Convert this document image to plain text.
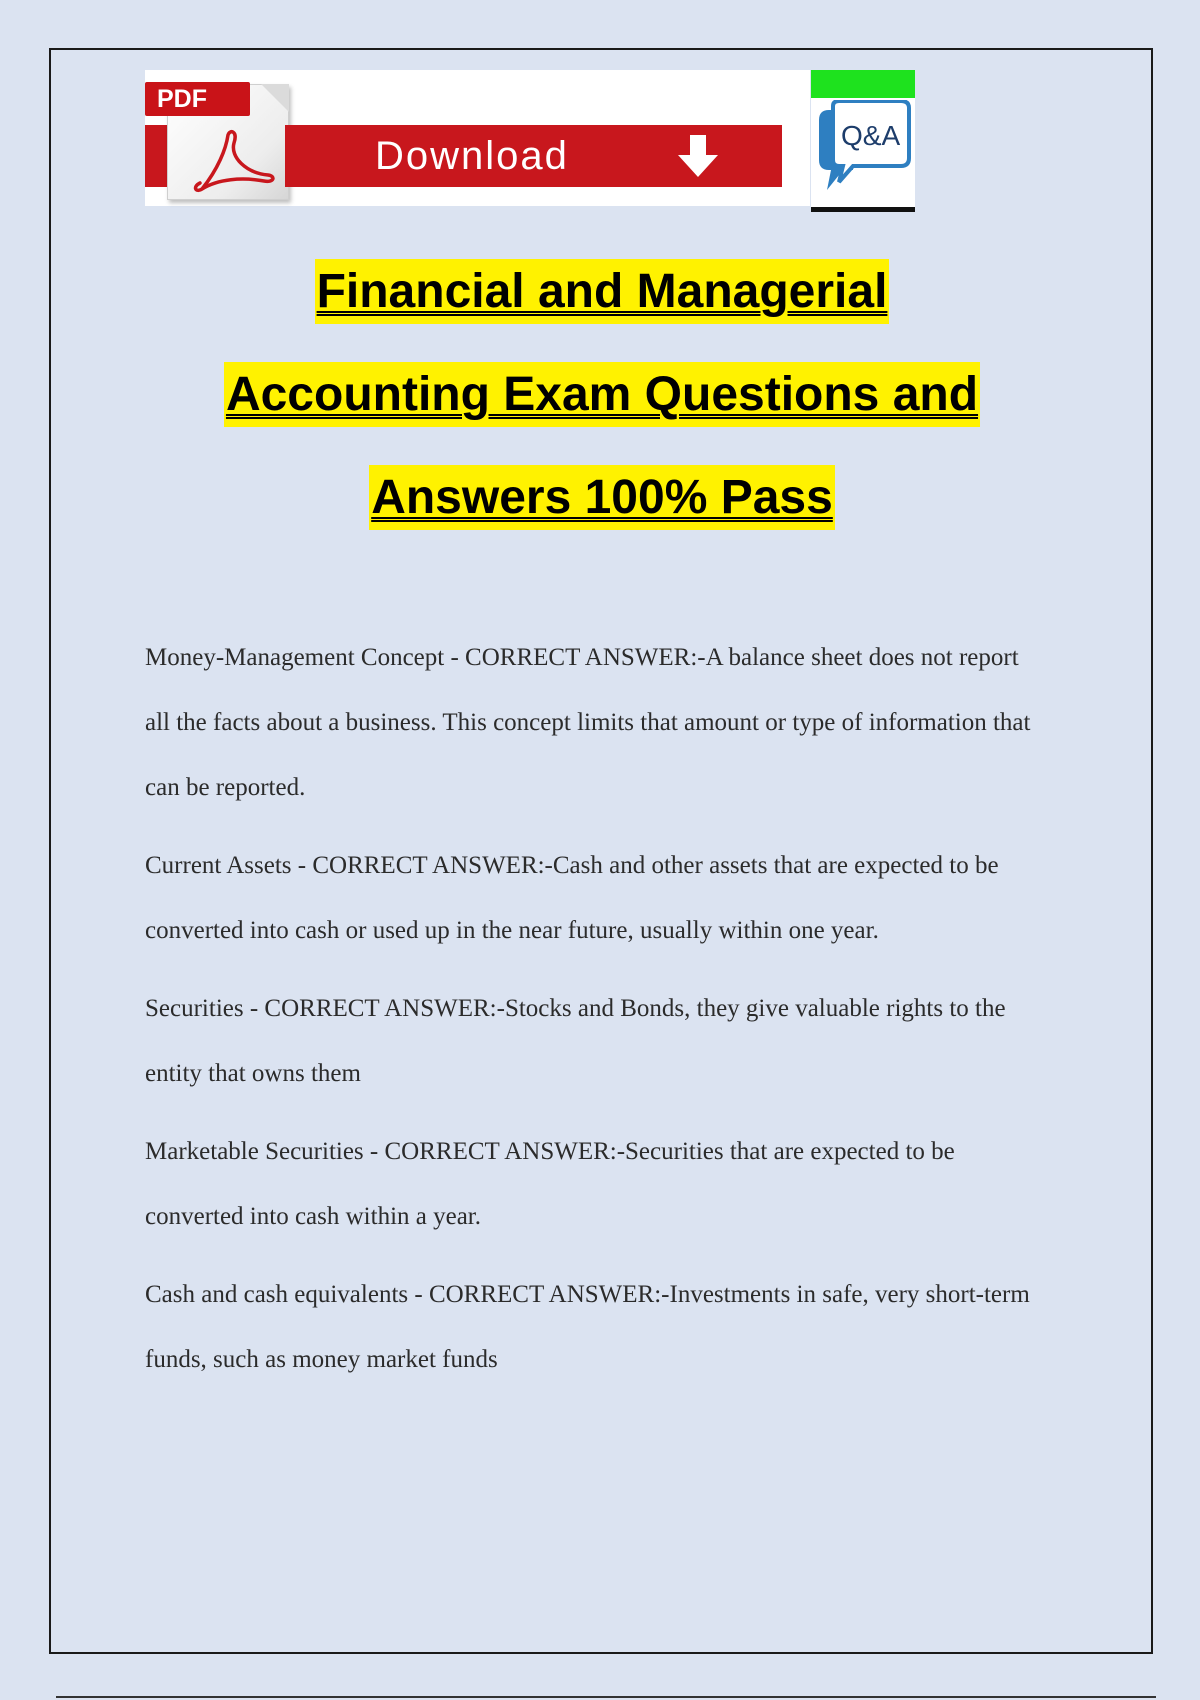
PDF
Download	Q&A
Financial and Managerial
Accounting Exam Questions and
Answers 100% Pass

Money-Management Concept - CORRECT ANSWER:-A balance sheet does not report all the facts about a business. This concept limits that amount or type of information that can be reported.

Current Assets - CORRECT ANSWER:-Cash and other assets that are expected to be converted into cash or used up in the near future, usually within one year.

Securities - CORRECT ANSWER:-Stocks and Bonds, they give valuable rights to the entity that owns them

Marketable Securities - CORRECT ANSWER:-Securities that are expected to be converted into cash within a year.

Cash and cash equivalents - CORRECT ANSWER:-Investments in safe, very short-term funds, such as money market funds
